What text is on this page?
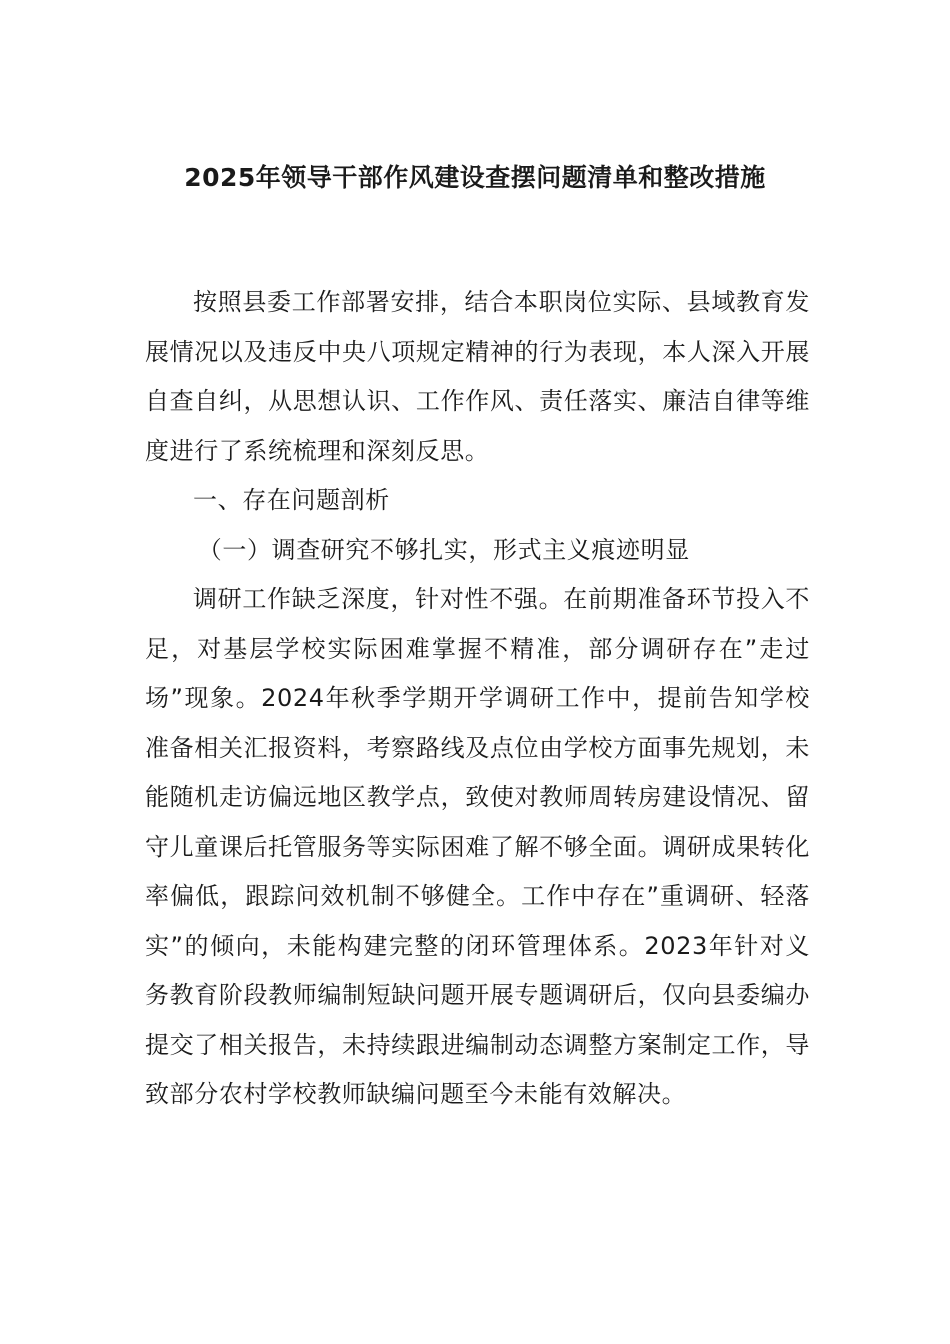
2025年领导干部作风建设查摆问题清单和整改措施

按照县委工作部署安排，结合本职岗位实际、县域教育发展情况以及违反中央八项规定精神的行为表现，本人深入开展自查自纠，从思想认识、工作作风、责任落实、廉洁自律等维度进行了系统梳理和深刻反思。

一、存在问题剖析

（一）调查研究不够扎实，形式主义痕迹明显

调研工作缺乏深度，针对性不强。在前期准备环节投入不足，对基层学校实际困难掌握不精准，部分调研存在”走过场”现象。2024年秋季学期开学调研工作中，提前告知学校准备相关汇报资料，考察路线及点位由学校方面事先规划，未能随机走访偏远地区教学点，致使对教师周转房建设情况、留守儿童课后托管服务等实际困难了解不够全面。调研成果转化率偏低，跟踪问效机制不够健全。工作中存在”重调研、轻落实”的倾向，未能构建完整的闭环管理体系。2023年针对义务教育阶段教师编制短缺问题开展专题调研后，仅向县委编办提交了相关报告，未持续跟进编制动态调整方案制定工作，导致部分农村学校教师缺编问题至今未能有效解决。
